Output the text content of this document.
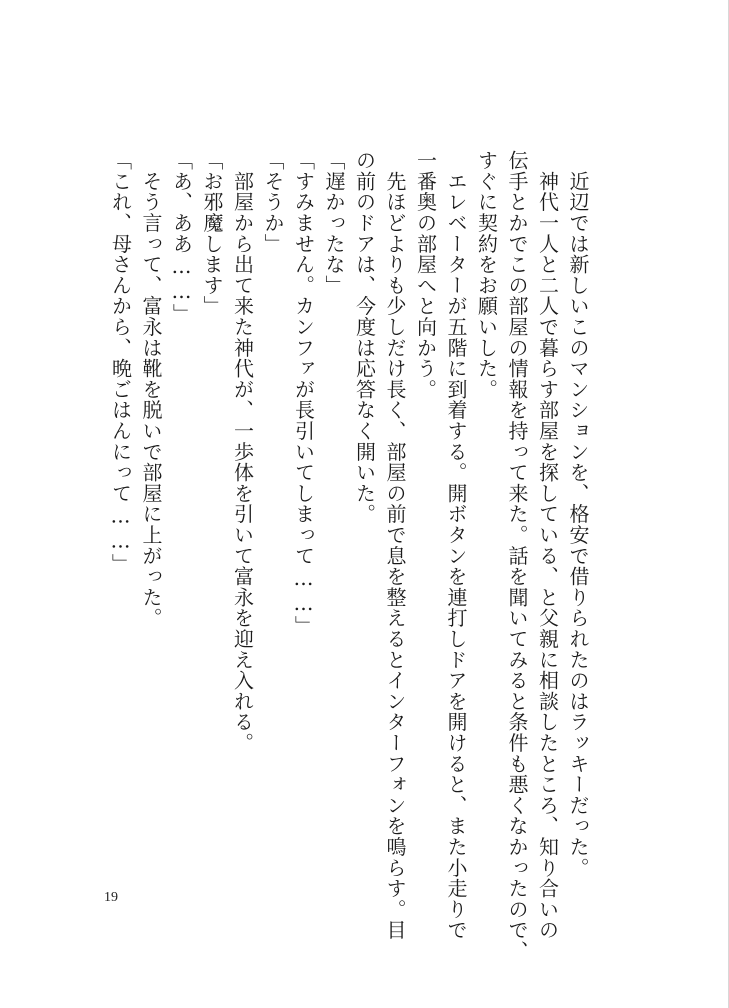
　近辺では新しいこのマンションを、格安で借りられたのはラッキーだった。
　神代一人と二人で暮らす部屋を探している、と父親に相談したところ、知り合いの
伝手とかでこの部屋の情報を持って来た。話を聞いてみると条件も悪くなかったので、
すぐに契約をお願いした。
　エレベーターが五階に到着する。開ボタンを連打しドアを開けると、また小走りで
一番奥の部屋へと向かう。
　先ほどよりも少しだけ長く、部屋の前で息を整えるとインターフォンを鳴らす。目
の前のドアは、今度は応答なく開いた。
「遅かったな」
「すみません。カンファが長引いてしまって……」
「そうか」
　部屋から出て来た神代が、一歩体を引いて富永を迎え入れる。
「お邪魔します」
「あ、ああ……」
　そう言って、富永は靴を脱いで部屋に上がった。
「これ、母さんから、晩ごはんにって……」
19
